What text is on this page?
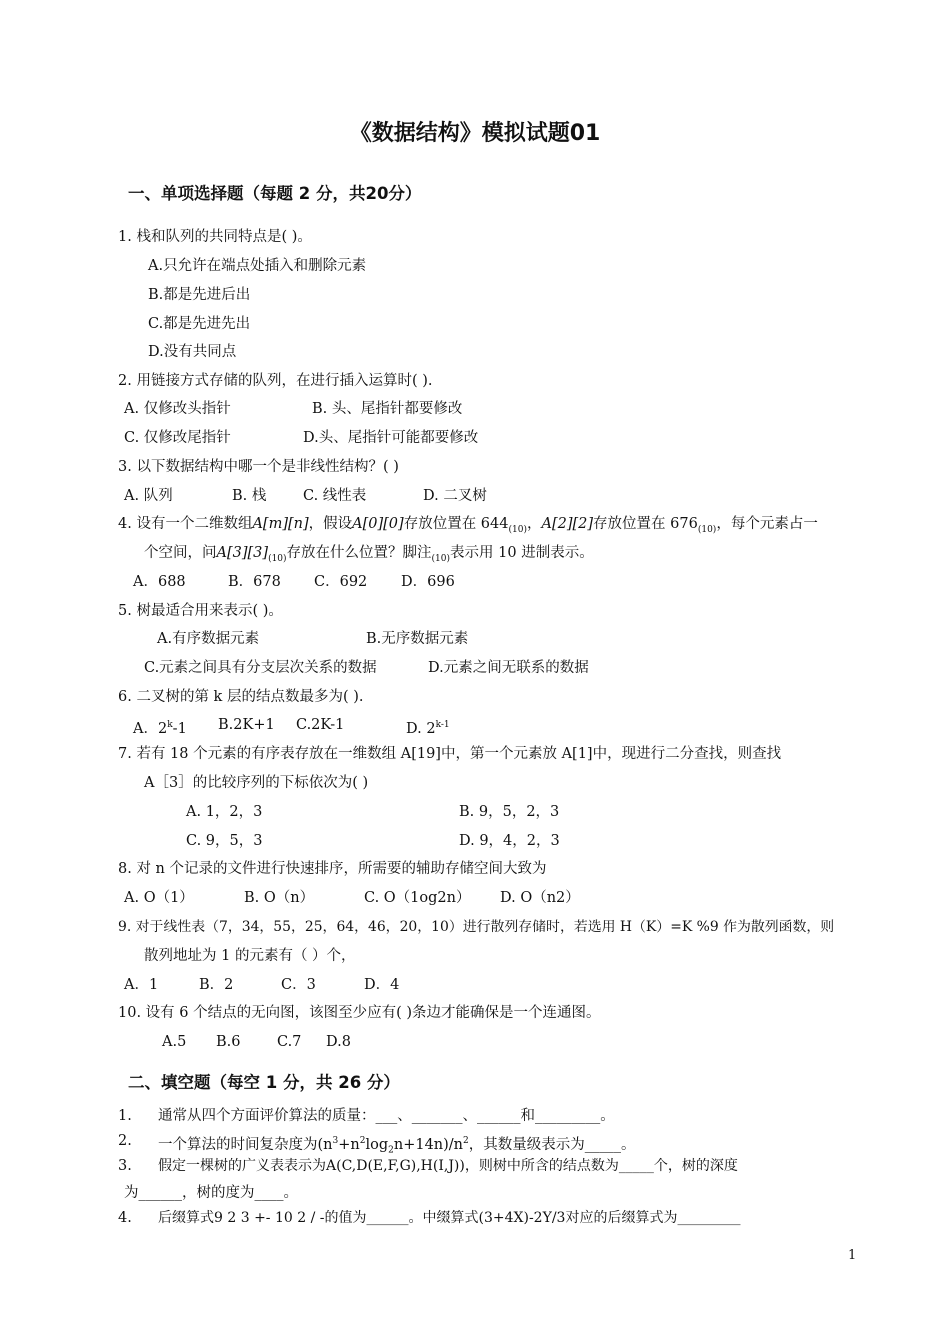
《数据结构》模拟试题01
一、单项选择题（每题 2 分，共20分）
1. 栈和队列的共同特点是( )。
A.只允许在端点处插入和删除元素
B.都是先进后出
C.都是先进先出
D.没有共同点
2. 用链接方式存储的队列，在进行插入运算时( ).
A. 仅修改头指针	B. 头、尾指针都要修改
C. 仅修改尾指针	D.头、尾指针可能都要修改
3. 以下数据结构中哪一个是非线性结构？( )
A. 队列	B. 栈	C. 线性表	D. 二叉树
4. 设有一个二维数组A[m][n]，假设A[0][0]存放位置在 $644_{(10)}$，A[2][2]存放位置在 $676_{(10)}$，每个元素占一
个空间，问$A[3][3]_{(10)}$存放在什么位置？脚注$_{(10)}$表示用 10 进制表示。
A．688	B．678 C．692 D．696
5. 树最适合用来表示( )。
A.有序数据元素	B.无序数据元素
C.元素之间具有分支层次关系的数据	D.元素之间无联系的数据
6. 二叉树的第 k 层的结点数最多为( ).
A．2$^k$-1 B.2K+1 C.2K-1	D. 2$^{k-1}$
7. 若有 18 个元素的有序表存放在一维数组 A[19]中，第一个元素放 A[1]中，现进行二分查找，则查找
A［3］的比较序列的下标依次为( )
A. 1，2，3	B. 9，5，2，3
C. 9，5，3	D. 9，4，2，3
8. 对 n 个记录的文件进行快速排序，所需要的辅助存储空间大致为
A. O（1）	B. O（n）	C. O（1og2n） D. O（n2）
9. 对于线性表（7，34，55，25，64，46，20，10）进行散列存储时，若选用 H（K）=K %9 作为散列函数，则
散列地址为 1 的元素有（ ）个，
A．1	B．2	C．3	D．4
10. 设有 6 个结点的无向图，该图至少应有( )条边才能确保是一个连通图。
A.5 B.6	C.7 D.8
二、填空题（每空 1 分，共 26 分）
1. 通常从四个方面评价算法的质量：___、_______、______和_________。
2. 一个算法的时间复杂度为$(n^3+n^2\log_2n+14n)/n^2$，其数量级表示为_____。
3. 假定一棵树的广义表表示为A(C,D(E,F,G),H(I,J))，则树中所含的结点数为_____个，树的深度
为______，树的度为____。
4. 后缀算式9 2 3 +- 10 2 / -的值为______。中缀算式(3+4X)-2Y/3对应的后缀算式为_________
1
